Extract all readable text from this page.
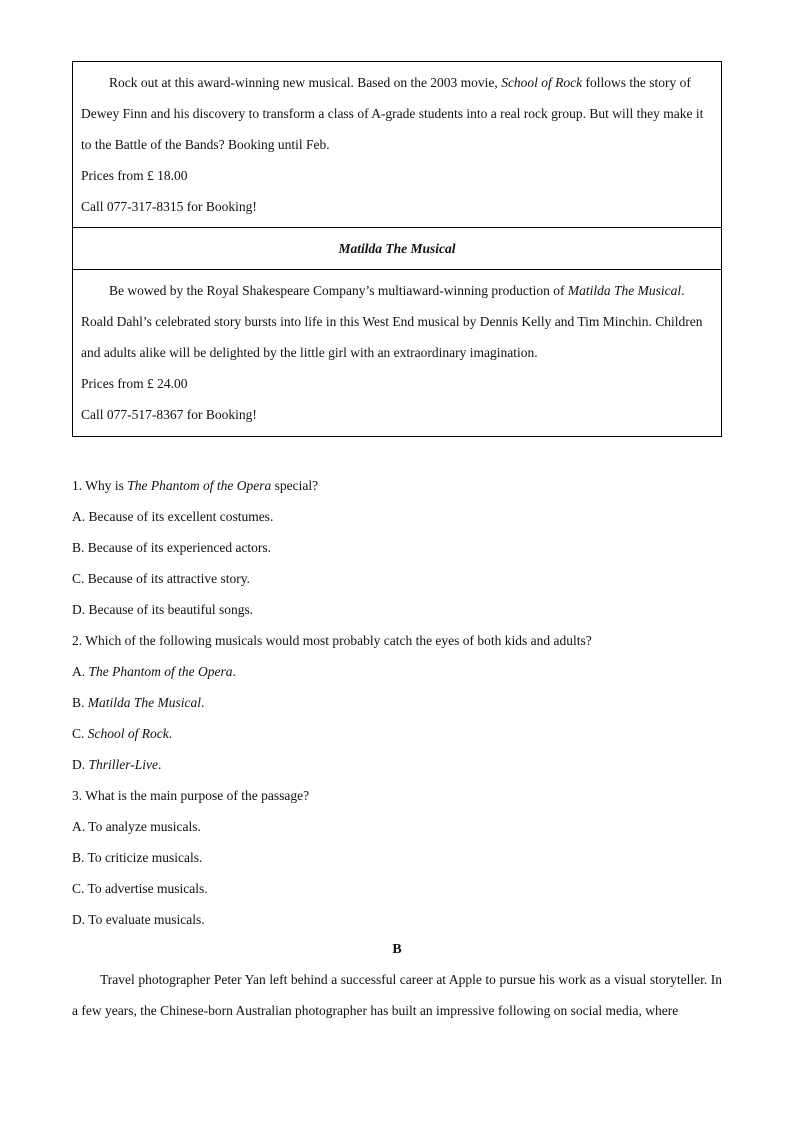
Rock out at this award-winning new musical. Based on the 2003 movie, School of Rock follows the story of Dewey Finn and his discovery to transform a class of A-grade students into a real rock group. But will they make it to the Battle of the Bands? Booking until Feb.

Prices from £ 18.00

Call 077-317-8315 for Booking!

Matilda The Musical

Be wowed by the Royal Shakespeare Company’s multiaward-winning production of Matilda The Musical. Roald Dahl’s celebrated story bursts into life in this West End musical by Dennis Kelly and Tim Minchin. Children and adults alike will be delighted by the little girl with an extraordinary imagination.

Prices from £ 24.00

Call 077-517-8367 for Booking!

1. Why is The Phantom of the Opera special?

A. Because of its excellent costumes.

B. Because of its experienced actors.

C. Because of its attractive story.

D. Because of its beautiful songs.

2. Which of the following musicals would most probably catch the eyes of both kids and adults?

A. The Phantom of the Opera.

B. Matilda The Musical.

C. School of Rock.

D. Thriller-Live.

3. What is the main purpose of the passage?

A. To analyze musicals.

B. To criticize musicals.

C. To advertise musicals.

D. To evaluate musicals.

B

Travel photographer Peter Yan left behind a successful career at Apple to pursue his work as a visual storyteller. In a few years, the Chinese-born Australian photographer has built an impressive following on social media, where
